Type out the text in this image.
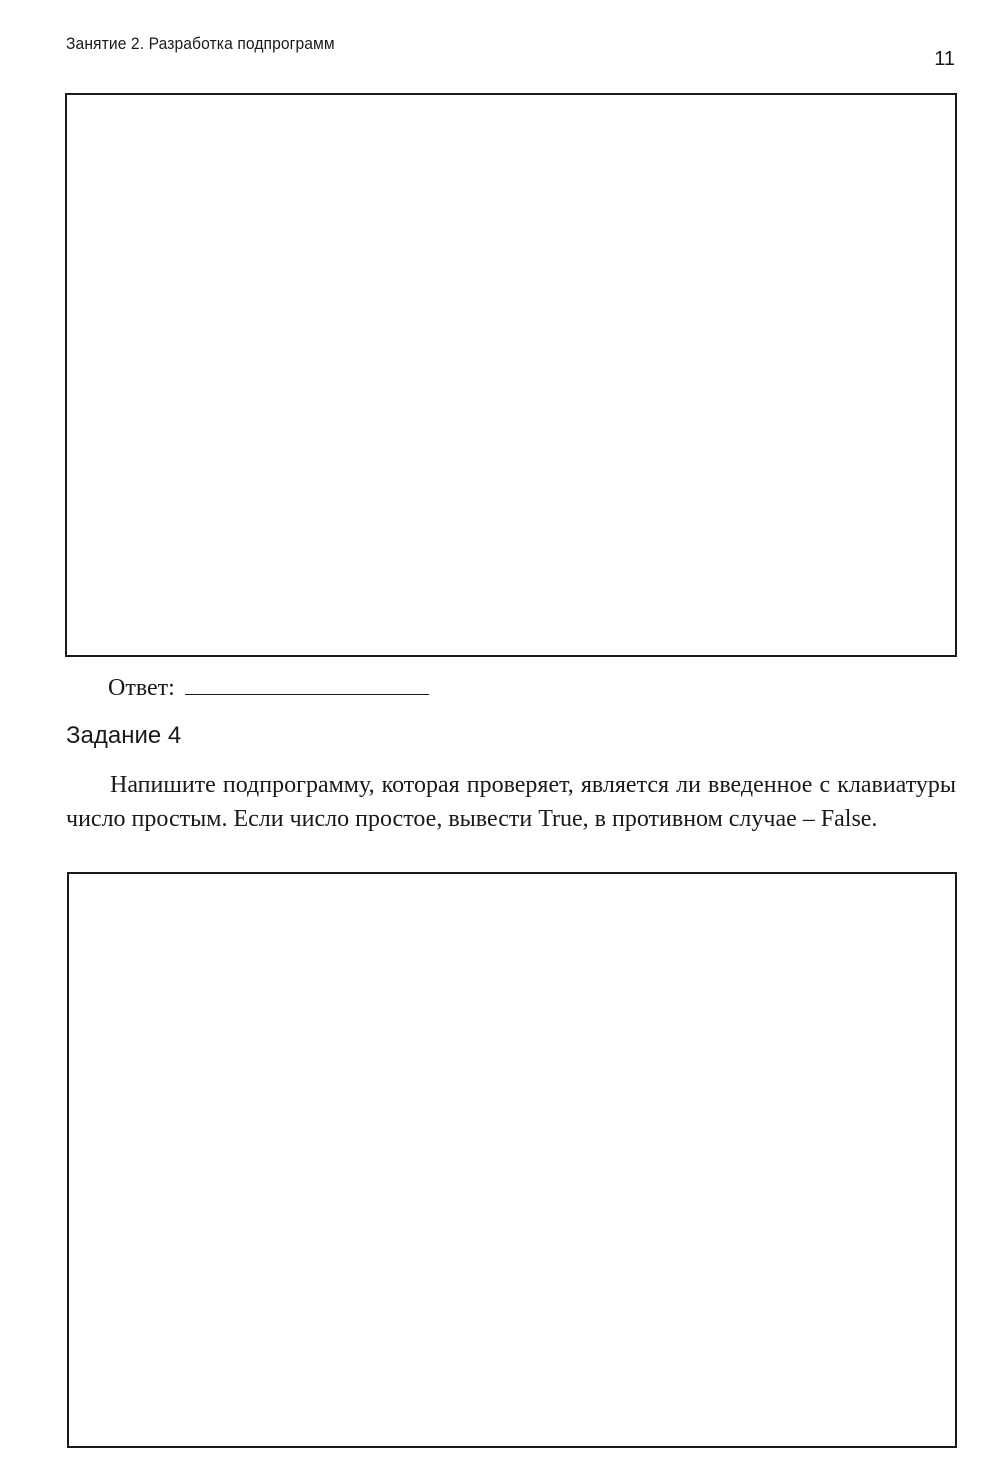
Занятие 2. Разработка подпрограмм
11
Ответ:
Задание 4

Напишите подпрограмму, которая проверяет, является ли введенное с клавиатуры число простым. Если число простое, вывести True, в противном случае – False.
